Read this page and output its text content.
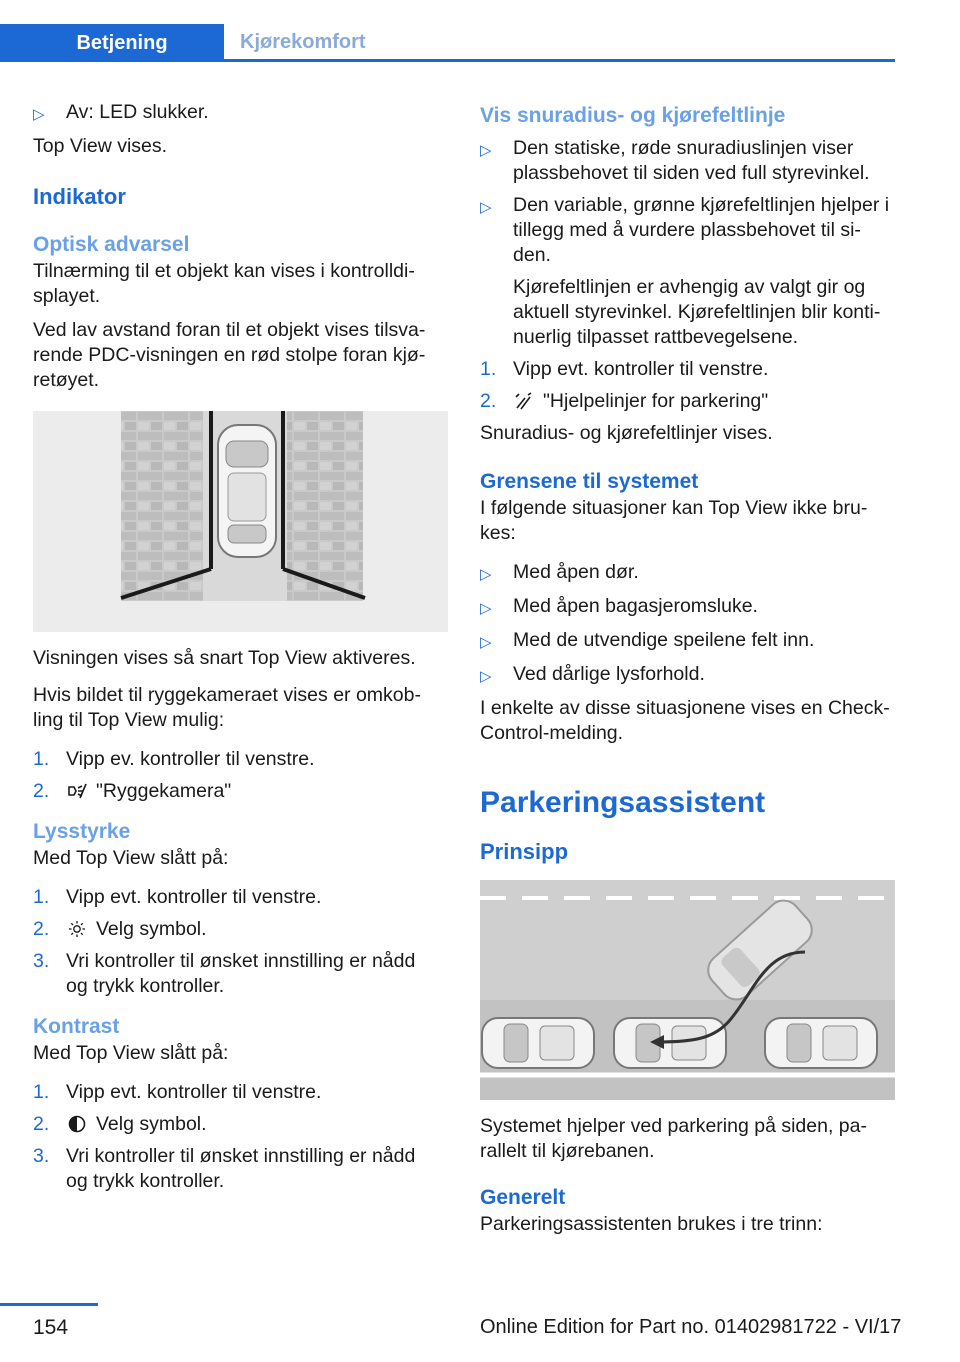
Betjening	Kjørekomfort
▷	Av: LED slukker.

Top View vises.

Indikator
Optisk advarsel

Tilnærming til et objekt kan vises i kontrolldi-
splayet.

Ved lav avstand foran til et objekt vises tilsva-
rende PDC-visningen en rød stolpe foran kjø-
retøyet.

Visningen vises så snart Top View aktiveres.

Hvis bildet til ryggekameraet vises er omkob-
ling til Top View mulig:

1. Vipp ev. kontroller til venstre.
2.	"Ryggekamera"
Lysstyrke

Med Top View slått på:

1. Vipp evt. kontroller til venstre.
2.	Velg symbol.
3. Vri kontroller til ønsket innstilling er nådd
og trykk kontroller.
Kontrast

Med Top View slått på:

1. Vipp evt. kontroller til venstre.
2.	Velg symbol.
3. Vri kontroller til ønsket innstilling er nådd
og trykk kontroller.
Vis snuradius- og kjørefeltlinje
▷	Den statiske, røde snuradiuslinjen viser
plassbehovet til siden ved full styrevinkel.
▷	Den variable, grønne kjørefeltlinjen hjelper i
tillegg med å vurdere plassbehovet til si-
den.
Kjørefeltlinjen er avhengig av valgt gir og
aktuell styrevinkel. Kjørefeltlinjen blir konti-
nuerlig tilpasset rattbevegelsene.
1. Vipp evt. kontroller til venstre.
2.	"Hjelpelinjer for parkering"

Snuradius- og kjørefeltlinjer vises.

Grensene til systemet

I følgende situasjoner kan Top View ikke bru-
kes:

▷	Med åpen dør.
▷	Med åpen bagasjeromsluke.
▷	Med de utvendige speilene felt inn.
▷	Ved dårlige lysforhold.

I enkelte av disse situasjonene vises en Check-
Control-melding.

Parkeringsassistent
Prinsipp

Systemet hjelper ved parkering på siden, pa-
rallelt til kjørebanen.

Generelt

Parkeringsassistenten brukes i tre trinn:

154	Online Edition for Part no. 01402981722 - VI/17
